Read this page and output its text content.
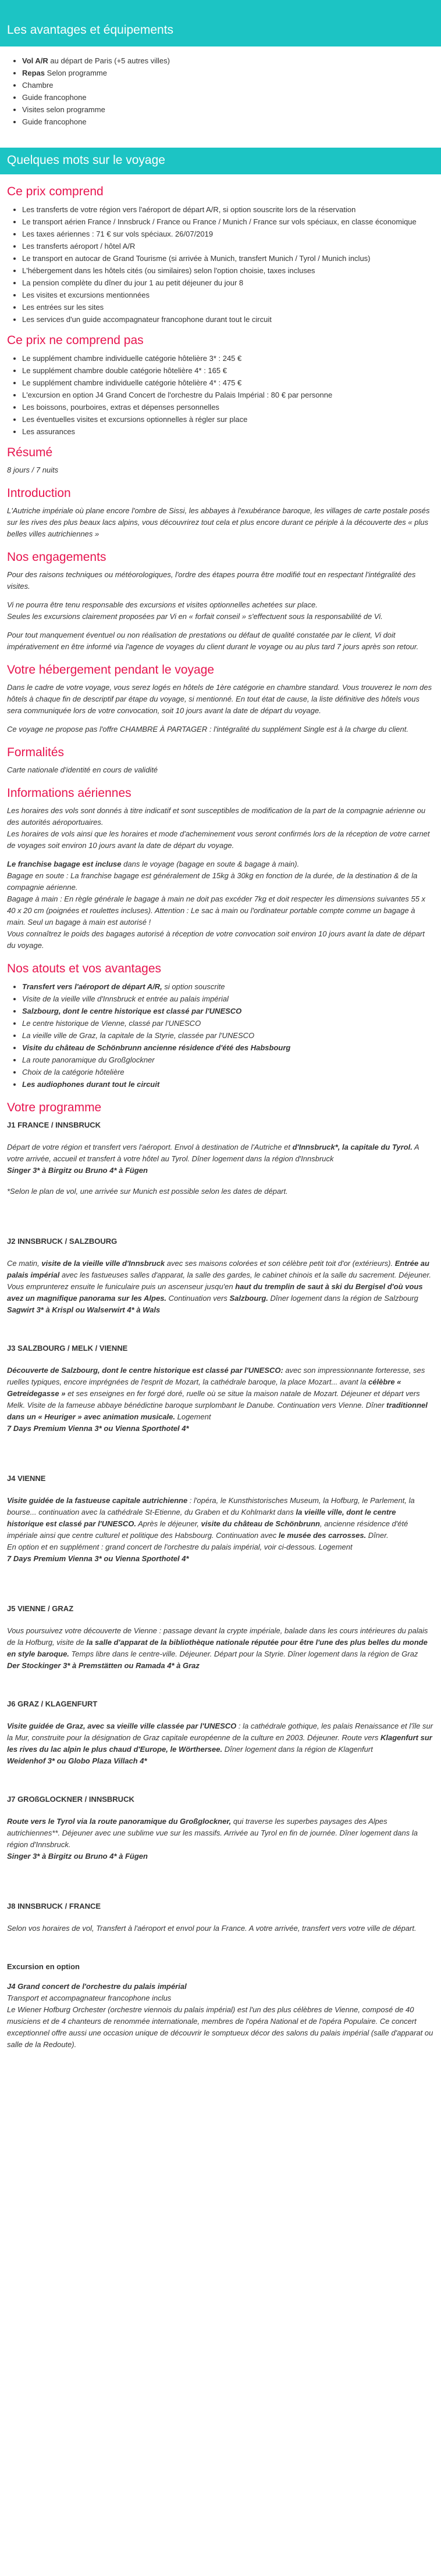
Les avantages et équipements
• Vol A/R au départ de Paris (+5 autres villes)
• Repas Selon programme
• Chambre
• Guide francophone
• Visites selon programme
• Guide francophone
Quelques mots sur le voyage
Ce prix comprend
• Les transferts de votre région vers l'aéroport de départ A/R, si option souscrite lors de la réservation
• Le transport aérien France / Innsbruck / France ou France / Munich / France sur vols spéciaux, en classe économique
• Les taxes aériennes : 71 € sur vols spéciaux. 26/07/2019
• Les transferts aéroport / hôtel A/R
• Le transport en autocar de Grand Tourisme (si arrivée à Munich, transfert Munich / Tyrol / Munich inclus)
• L'hébergement dans les hôtels cités (ou similaires) selon l'option choisie, taxes incluses
• La pension complète du dîner du jour 1 au petit déjeuner du jour 8
• Les visites et excursions mentionnées
• Les entrées sur les sites
• Les services d'un guide accompagnateur francophone durant tout le circuit
Ce prix ne comprend pas
• Le supplément chambre individuelle catégorie hôtelière 3* : 245 €
• Le supplément chambre double catégorie hôtelière 4* : 165 €
• Le supplément chambre individuelle catégorie hôtelière 4* : 475 €
• L'excursion en option J4 Grand Concert de l'orchestre du Palais Impérial : 80 € par personne
• Les boissons, pourboires, extras et dépenses personnelles
• Les éventuelles visites et excursions optionnelles à régler sur place
• Les assurances
Résumé

8 jours / 7 nuits

Introduction

L'Autriche impériale où plane encore l'ombre de Sissi, les abbayes à l'exubérance baroque, les villages de carte postale posés sur les rives des plus beaux lacs alpins, vous découvrirez tout cela et plus encore durant ce périple à la découverte des « plus belles villes autrichiennes »

Nos engagements

Pour des raisons techniques ou météorologiques, l'ordre des étapes pourra être modifié tout en respectant l'intégralité des visites.

Vi ne pourra être tenu responsable des excursions et visites optionnelles achetées sur place.

Seules les excursions clairement proposées par Vi en « forfait conseil » s'effectuent sous la responsabilité de Vi.

Pour tout manquement éventuel ou non réalisation de prestations ou défaut de qualité constatée par le client, Vi doit impérativement en être informé via l'agence de voyages du client durant le voyage ou au plus tard 7 jours après son retour.

Votre hébergement pendant le voyage

Dans le cadre de votre voyage, vous serez logés en hôtels de 1ère catégorie en chambre standard. Vous trouverez le nom des hôtels à chaque fin de descriptif par étape du voyage, si mentionné. En tout état de cause, la liste définitive des hôtels vous sera communiquée lors de votre convocation, soit 10 jours avant la date de départ du voyage.

Ce voyage ne propose pas l'offre CHAMBRE À PARTAGER : l'intégralité du supplément Single est à la charge du client.

Formalités

Carte nationale d'identité en cours de validité

Informations aériennes

Les horaires des vols sont donnés à titre indicatif et sont susceptibles de modification de la part de la compagnie aérienne ou des autorités aéroportuaires.

Les horaires de vols ainsi que les horaires et mode d'acheminement vous seront confirmés lors de la réception de votre carnet de voyages soit environ 10 jours avant la date de départ du voyage.

Le franchise bagage est incluse dans le voyage (bagage en soute & bagage à main).

Bagage en soute : La franchise bagage est généralement de 15kg à 30kg en fonction de la durée, de la destination & de la compagnie aérienne.

Bagage à main : En règle générale le bagage à main ne doit pas excéder 7kg et doit respecter les dimensions suivantes 55 x 40 x 20 cm (poignées et roulettes incluses). Attention : Le sac à main ou l'ordinateur portable compte comme un bagage à main. Seul un bagage à main est autorisé !

Vous connaîtrez le poids des bagages autorisé à réception de votre convocation soit environ 10 jours avant la date de départ du voyage.

Nos atouts et vos avantages
• Transfert vers l'aéroport de départ A/R, si option souscrite
• Visite de la vieille ville d'Innsbruck et entrée au palais impérial
• Salzbourg, dont le centre historique est classé par l'UNESCO
• Le centre historique de Vienne, classé par l'UNESCO
• La vieille ville de Graz, la capitale de la Styrie, classée par l'UNESCO
• Visite du château de Schönbrunn ancienne résidence d'été des Habsbourg
• La route panoramique du Großglockner
• Choix de la catégorie hôtelière
• Les audiophones durant tout le circuit
Votre programme

J1 FRANCE / INNSBRUCK

Départ de votre région et transfert vers l'aéroport. Envol à destination de l'Autriche et d'Innsbruck*, la capitale du Tyrol. A votre arrivée, accueil et transfert à votre hôtel au Tyrol. Dîner logement dans la région d'Innsbruck

Singer 3* à Birgitz ou Bruno 4* à Fügen

*Selon le plan de vol, une arrivée sur Munich est possible selon les dates de départ.

J2 INNSBRUCK / SALZBOURG

Ce matin, visite de la vieille ville d'Innsbruck avec ses maisons colorées et son célèbre petit toit d'or (extérieurs). Entrée au palais impérial avec les fastueuses salles d'apparat, la salle des gardes, le cabinet chinois et la salle du sacrement. Déjeuner. Vous emprunterez ensuite le funiculaire puis un ascenseur jusqu'en haut du tremplin de saut à ski du Bergisel d'où vous avez un magnifique panorama sur les Alpes. Continuation vers Salzbourg. Dîner logement dans la région de Salzbourg

Sagwirt 3* à Krispl ou Walserwirt 4* à Wals

J3 SALZBOURG / MELK / VIENNE

Découverte de Salzbourg, dont le centre historique est classé par l'UNESCO: avec son impressionnante forteresse, ses ruelles typiques, encore imprégnées de l'esprit de Mozart, la cathédrale baroque, la place Mozart... avant la célèbre « Getreidegasse » et ses enseignes en fer forgé doré, ruelle où se situe la maison natale de Mozart. Déjeuner et départ vers Melk. Visite de la fameuse abbaye bénédictine baroque surplombant le Danube. Continuation vers Vienne. Dîner traditionnel dans un « Heuriger » avec animation musicale. Logement

7 Days Premium Vienna 3* ou Vienna Sporthotel 4*

J4 VIENNE

Visite guidée de la fastueuse capitale autrichienne : l'opéra, le Kunsthistorisches Museum, la Hofburg, le Parlement, la bourse... continuation avec la cathédrale St-Etienne, du Graben et du Kohlmarkt dans la vieille ville, dont le centre historique est classé par l'UNESCO. Après le déjeuner, visite du château de Schönbrunn, ancienne résidence d'été impériale ainsi que centre culturel et politique des Habsbourg. Continuation avec le musée des carrosses. Dîner.

En option et en supplément : grand concert de l'orchestre du palais impérial, voir ci-dessous. Logement

7 Days Premium Vienna 3* ou Vienna Sporthotel 4*

J5 VIENNE / GRAZ

Vous poursuivez votre découverte de Vienne : passage devant la crypte impériale, balade dans les cours intérieures du palais de la Hofburg, visite de la salle d'apparat de la bibliothèque nationale réputée pour être l'une des plus belles du monde en style baroque. Temps libre dans le centre-ville. Déjeuner. Départ pour la Styrie. Dîner logement dans la région de Graz

Der Stockinger 3* à Premstätten ou Ramada 4* à Graz

J6 GRAZ / KLAGENFURT

Visite guidée de Graz, avec sa vieille ville classée par l'UNESCO : la cathédrale gothique, les palais Renaissance et l'île sur la Mur, construite pour la désignation de Graz capitale européenne de la culture en 2003. Déjeuner. Route vers Klagenfurt sur les rives du lac alpin le plus chaud d'Europe, le Wörthersee. Dîner logement dans la région de Klagenfurt

Weidenhof 3* ou Globo Plaza Villach 4*

J7 GROßGLOCKNER / INNSBRUCK

Route vers le Tyrol via la route panoramique du Großglockner, qui traverse les superbes paysages des Alpes autrichiennes**. Déjeuner avec une sublime vue sur les massifs. Arrivée au Tyrol en fin de journée. Dîner logement dans la région d'Innsbruck.

Singer 3* à Birgitz ou Bruno 4* à Fügen

J8 INNSBRUCK / FRANCE

Selon vos horaires de vol, Transfert à l'aéroport et envol pour la France. A votre arrivée, transfert vers votre ville de départ.

Excursion en option

J4 Grand concert de l'orchestre du palais impérial

Transport et accompagnateur francophone inclus

Le Wiener Hofburg Orchester (orchestre viennois du palais impérial) est l'un des plus célèbres de Vienne, composé de 40 musiciens et de 4 chanteurs de renommée internationale, membres de l'opéra National et de l'opéra Populaire. Ce concert exceptionnel offre aussi une occasion unique de découvrir le somptueux décor des salons du palais impérial (salle d'apparat ou salle de la Redoute).
